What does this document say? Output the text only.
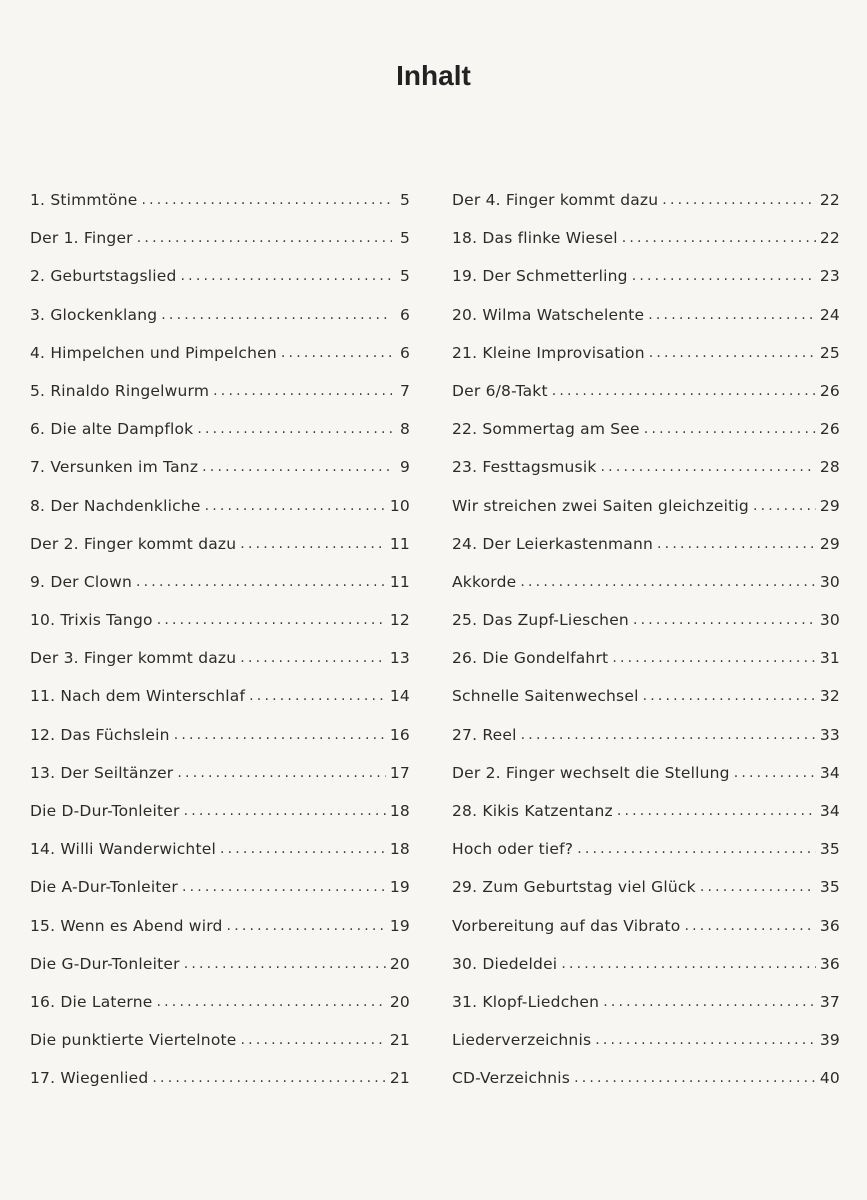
Inhalt
1. Stimmtöne .....	5
Der 1. Finger .....	5
2. Geburtstagslied .....	5
3. Glockenklang .....	6
4. Himpelchen und Pimpelchen .....	6
5. Rinaldo Ringelwurm .....	7
6. Die alte Dampflok .....	8
7. Versunken im Tanz .....	9
8. Der Nachdenkliche .....	10
Der 2. Finger kommt dazu .....	11
9. Der Clown .....	11
10. Trixis Tango .....	12
Der 3. Finger kommt dazu .....	13
11. Nach dem Winterschlaf .....	14
12. Das Füchslein .....	16
13. Der Seiltänzer .....	17
Die D-Dur-Tonleiter .....	18
14. Willi Wanderwichtel .....	18
Die A-Dur-Tonleiter .....	19
15. Wenn es Abend wird .....	19
Die G-Dur-Tonleiter .....	20
16. Die Laterne .....	20
Die punktierte Viertelnote .....	21
17. Wiegenlied .....	21
Der 4. Finger kommt dazu .....	22
18. Das flinke Wiesel .....	22
19. Der Schmetterling .....	23
20. Wilma Watschelente .....	24
21. Kleine Improvisation .....	25
Der 6/8-Takt .....	26
22. Sommertag am See .....	26
23. Festtagsmusik .....	28
Wir streichen zwei Saiten gleichzeitig .....	29
24. Der Leierkastenmann .....	29
Akkorde .....	30
25. Das Zupf-Lieschen .....	30
26. Die Gondelfahrt .....	31
Schnelle Saitenwechsel .....	32
27. Reel .....	33
Der 2. Finger wechselt die Stellung .....	34
28. Kikis Katzentanz .....	34
Hoch oder tief? .....	35
29. Zum Geburtstag viel Glück .....	35
Vorbereitung auf das Vibrato .....	36
30. Diedeldei .....	36
31. Klopf-Liedchen .....	37
Liederverzeichnis .....	39
CD-Verzeichnis .....	40
